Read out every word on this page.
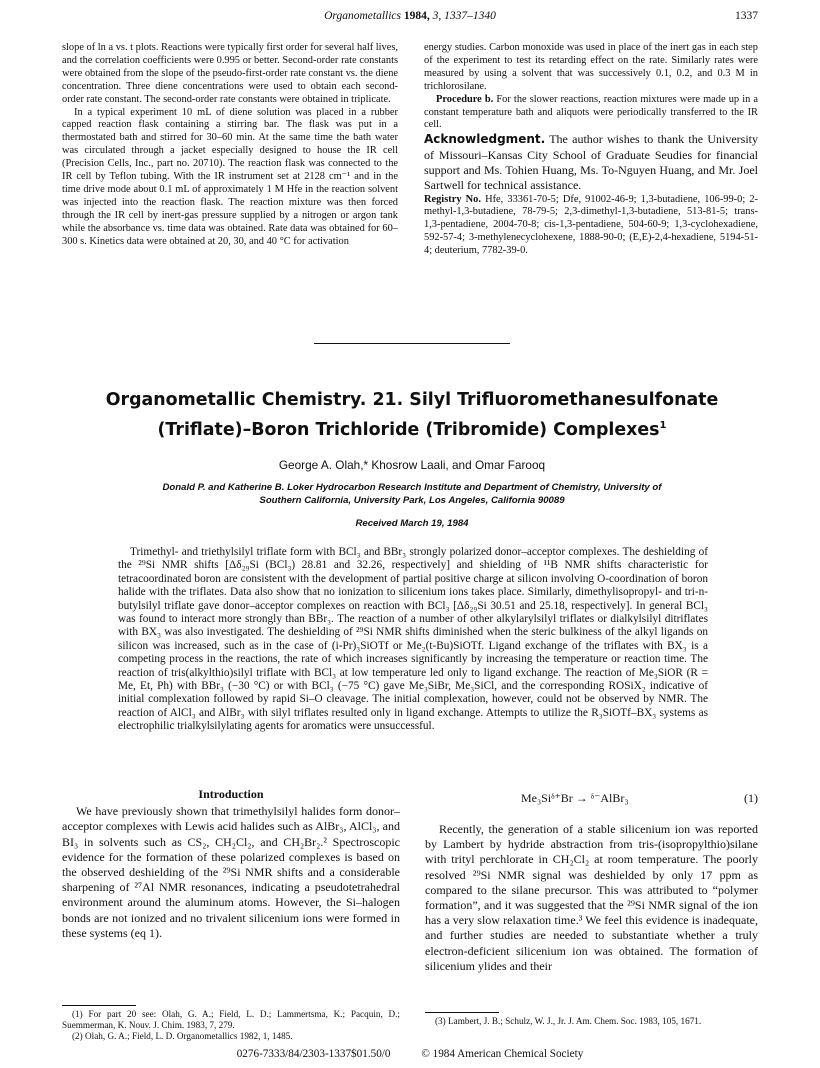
Organometallics 1984, 3, 1337–1340	1337

slope of ln a vs. t plots. Reactions were typically first order for several half lives, and the correlation coefficients were 0.995 or better. Second-order rate constants were obtained from the slope of the pseudo-first-order rate constant vs. the diene concentration. Three diene concentrations were used to obtain each second-order rate constant. The second-order rate constants were obtained in triplicate.

In a typical experiment 10 mL of diene solution was placed in a rubber capped reaction flask containing a stirring bar. The flask was put in a thermostated bath and stirred for 30–60 min. At the same time the bath water was circulated through a jacket especially designed to house the IR cell (Precision Cells, Inc., part no. 20710). The reaction flask was connected to the IR cell by Teflon tubing. With the IR instrument set at 2128 cm⁻¹ and in the time drive mode about 0.1 mL of approximately 1 M Hfe in the reaction solvent was injected into the reaction flask. The reaction mixture was then forced through the IR cell by inert-gas pressure supplied by a nitrogen or argon tank while the absorbance vs. time data was obtained. Rate data was obtained for 60–300 s. Kinetics data were obtained at 20, 30, and 40 °C for activation

energy studies. Carbon monoxide was used in place of the inert gas in each step of the experiment to test its retarding effect on the rate. Similarly rates were measured by using a solvent that was successively 0.1, 0.2, and 0.3 M in trichlorosilane.

Procedure b. For the slower reactions, reaction mixtures were made up in a constant temperature bath and aliquots were periodically transferred to the IR cell.

Acknowledgment. The author wishes to thank the University of Missouri–Kansas City School of Graduate Seudies for financial support and Ms. Tohien Huang, Ms. To-Nguyen Huang, and Mr. Joel Sartwell for technical assistance.

Registry No. Hfe, 33361-70-5; Dfe, 91002-46-9; 1,3-butadiene, 106-99-0; 2-methyl-1,3-butadiene, 78-79-5; 2,3-dimethyl-1,3-butadiene, 513-81-5; trans-1,3-pentadiene, 2004-70-8; cis-1,3-pentadiene, 504-60-9; 1,3-cyclohexadiene, 592-57-4; 3-methylenecyclohexene, 1888-90-0; (E,E)-2,4-hexadiene, 5194-51-4; deuterium, 7782-39-0.

Organometallic Chemistry. 21. Silyl Trifluoromethanesulfonate
(Triflate)–Boron Trichloride (Tribromide) Complexes$^1$
George A. Olah,* Khosrow Laali, and Omar Farooq
Donald P. and Katherine B. Loker Hydrocarbon Research Institute and Department of Chemistry, University of
Southern California, University Park, Los Angeles, California 90089
Received March 19, 1984

Trimethyl- and triethylsilyl triflate form with BCl₃ and BBr₃ strongly polarized donor–acceptor complexes. The deshielding of the ²⁹Si NMR shifts [Δδ₂₉Si (BCl₃) 28.81 and 32.26, respectively] and shielding of ¹¹B NMR shifts characteristic for tetracoordinated boron are consistent with the development of partial positive charge at silicon involving O-coordination of boron halide with the triflates. Data also show that no ionization to silicenium ions takes place. Similarly, dimethylisopropyl- and tri-n-butylsilyl triflate gave donor–acceptor complexes on reaction with BCl₃ [Δδ₂₉Si 30.51 and 25.18, respectively]. In general BCl₃ was found to interact more strongly than BBr₃. The reaction of a number of other alkylarylsilyl triflates or dialkylsilyl ditriflates with BX₃ was also investigated. The deshielding of ²⁹Si NMR shifts diminished when the steric bulkiness of the alkyl ligands on silicon was increased, such as in the case of (i-Pr)₃SiOTf or Me₂(t-Bu)SiOTf. Ligand exchange of the triflates with BX₃ is a competing process in the reactions, the rate of which increases significantly by increasing the temperature or reaction time. The reaction of tris(alkylthio)silyl triflate with BCl₃ at low temperature led only to ligand exchange. The reaction of Me₃SiOR (R = Me, Et, Ph) with BBr₃ (−30 °C) or with BCl₃ (−75 °C) gave Me₃SiBr, Me₃SiCl, and the corresponding ROSiX₂ indicative of initial complexation followed by rapid Si–O cleavage. The initial complexation, however, could not be observed by NMR. The reaction of AlCl₃ and AlBr₃ with silyl triflates resulted only in ligand exchange. Attempts to utilize the R₃SiOTf–BX₃ systems as electrophilic trialkylsilylating agents for aromatics were unsuccessful.

Introduction

We have previously shown that trimethylsilyl halides form donor–acceptor complexes with Lewis acid halides such as AlBr₃, AlCl₃, and BI₃ in solvents such as CS₂, CH₂Cl₂, and CH₂Br₂.² Spectroscopic evidence for the formation of these polarized complexes is based on the observed deshielding of the ²⁹Si NMR shifts and a considerable sharpening of ²⁷Al NMR resonances, indicating a pseudotetrahedral environment around the aluminum atoms. However, the Si–halogen bonds are not ionized and no trivalent silicenium ions were formed in these systems (eq 1).

Me₃Siᵟ⁺Br → ᵟ⁻AlBr₃	(1)

Recently, the generation of a stable silicenium ion was reported by Lambert by hydride abstraction from tris-(isopropylthio)silane with trityl perchlorate in CH₂Cl₂ at room temperature. The poorly resolved ²⁹Si NMR signal was deshielded by only 17 ppm as compared to the silane precursor. This was attributed to “polymer formation”, and it was suggested that the ²⁹Si NMR signal of the ion has a very slow relaxation time.³ We feel this evidence is inadequate, and further studies are needed to substantiate whether a truly electron-deficient silicenium ion was obtained. The formation of silicenium ylides and their

(1) For part 20 see: Olah, G. A.; Field, L. D.; Lammertsma, K.; Pacquin, D.; Suemmerman, K. Nouv. J. Chim. 1983, 7, 279.

(2) Olah, G. A.; Field, L. D. Organometallics 1982, 1, 1485.

(3) Lambert, J. B.; Schulz, W. J., Jr. J. Am. Chem. Soc. 1983, 105, 1671.

0276-7333/84/2303-1337$01.50/0	© 1984 American Chemical Society
